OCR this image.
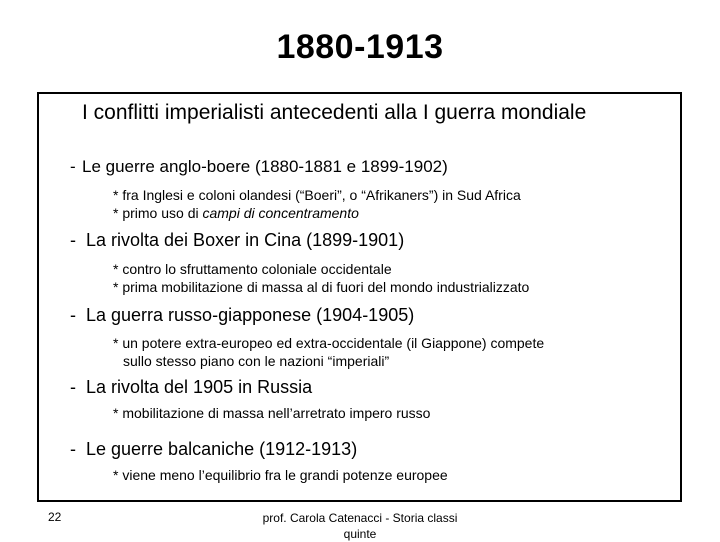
1880-1913
I conflitti imperialisti antecedenti alla I guerra mondiale
- Le guerre anglo-boere (1880-1881 e 1899-1902)
* fra Inglesi e coloni olandesi (“Boeri”, o “Afrikaners”) in Sud Africa
* primo uso di campi di concentramento
- La rivolta dei Boxer in Cina (1899-1901)
* contro lo sfruttamento coloniale occidentale
* prima mobilitazione di massa al di fuori del mondo industrializzato
- La guerra russo-giapponese (1904-1905)
* un potere extra-europeo ed extra-occidentale (il Giappone) compete
sullo stesso piano con le nazioni “imperiali”
- La rivolta del 1905 in Russia
* mobilitazione di massa nell’arretrato impero russo
- Le guerre balcaniche (1912-1913)
* viene meno l’equilibrio fra le grandi potenze europee
22	prof. Carola Catenacci - Storia classi quinte
